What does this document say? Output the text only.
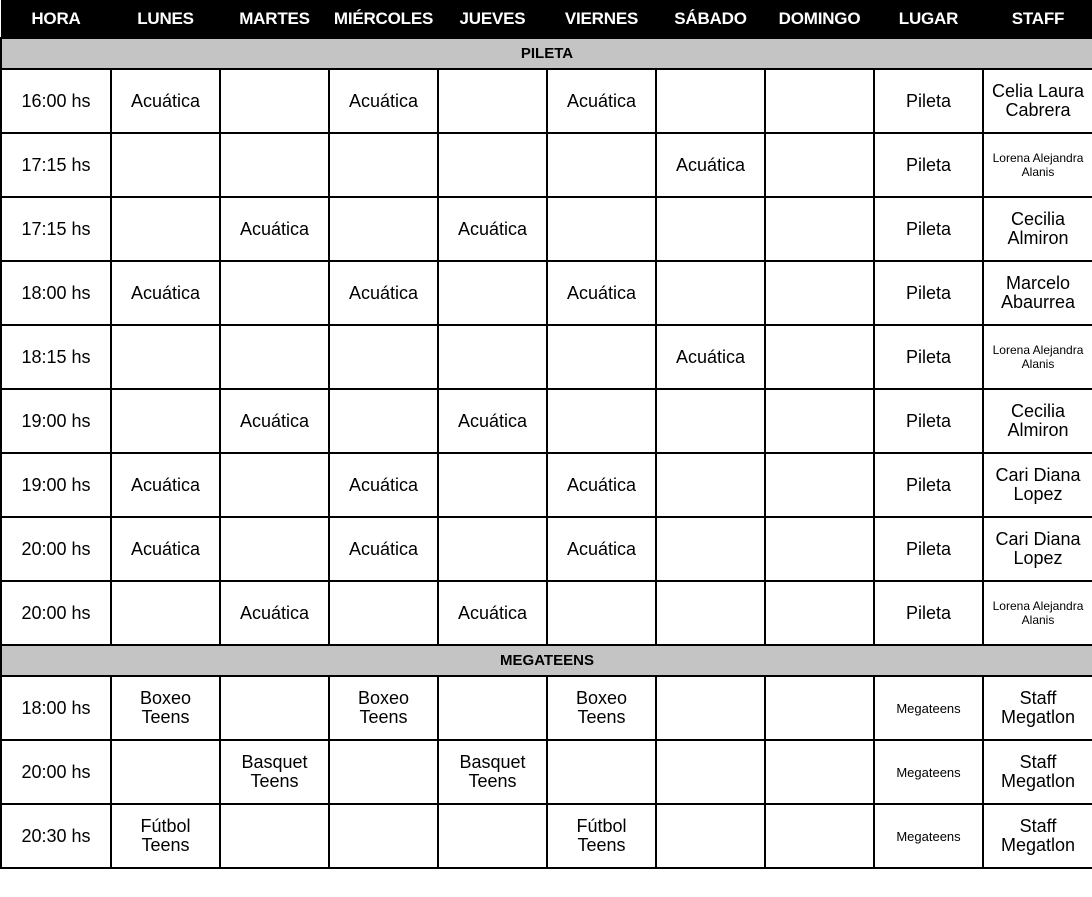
HORA	LUNES	MARTES	MIÉRCOLES	JUEVES	VIERNES	SÁBADO	DOMINGO	LUGAR	STAFF
PILETA									
16:00 hs	Acuática		Acuática		Acuática			Pileta	Celia Laura Cabrera
17:15 hs						Acuática		Pileta	Lorena Alejandra Alanis
17:15 hs		Acuática		Acuática				Pileta	Cecilia Almiron
18:00 hs	Acuática		Acuática		Acuática			Pileta	Marcelo Abaurrea
18:15 hs						Acuática		Pileta	Lorena Alejandra Alanis
19:00 hs		Acuática		Acuática				Pileta	Cecilia Almiron
19:00 hs	Acuática		Acuática		Acuática			Pileta	Cari Diana Lopez
20:00 hs	Acuática		Acuática		Acuática			Pileta	Cari Diana Lopez
20:00 hs		Acuática		Acuática				Pileta	Lorena Alejandra Alanis
MEGATEENS									
18:00 hs	Boxeo Teens		Boxeo Teens		Boxeo Teens			Megateens	Staff Megatlon
20:00 hs		Basquet Teens		Basquet Teens				Megateens	Staff Megatlon
20:30 hs	Fútbol Teens				Fútbol Teens			Megateens	Staff Megatlon
